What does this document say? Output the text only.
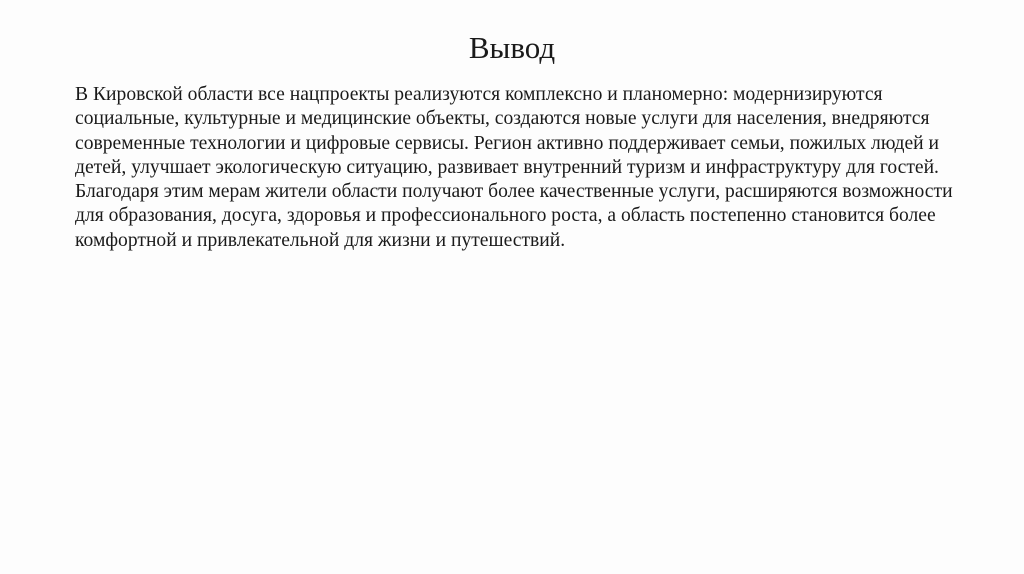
Вывод

В Кировской области все нацпроекты реализуются комплексно и планомерно: модернизируются социальные, культурные и медицинские объекты, создаются новые услуги для населения, внедряются современные технологии и цифровые сервисы. Регион активно поддерживает семьи, пожилых людей и детей, улучшает экологическую ситуацию, развивает внутренний туризм и инфраструктуру для гостей. Благодаря этим мерам жители области получают более качественные услуги, расширяются возможности для образования, досуга, здоровья и профессионального роста, а область постепенно становится более комфортной и привлекательной для жизни и путешествий.
